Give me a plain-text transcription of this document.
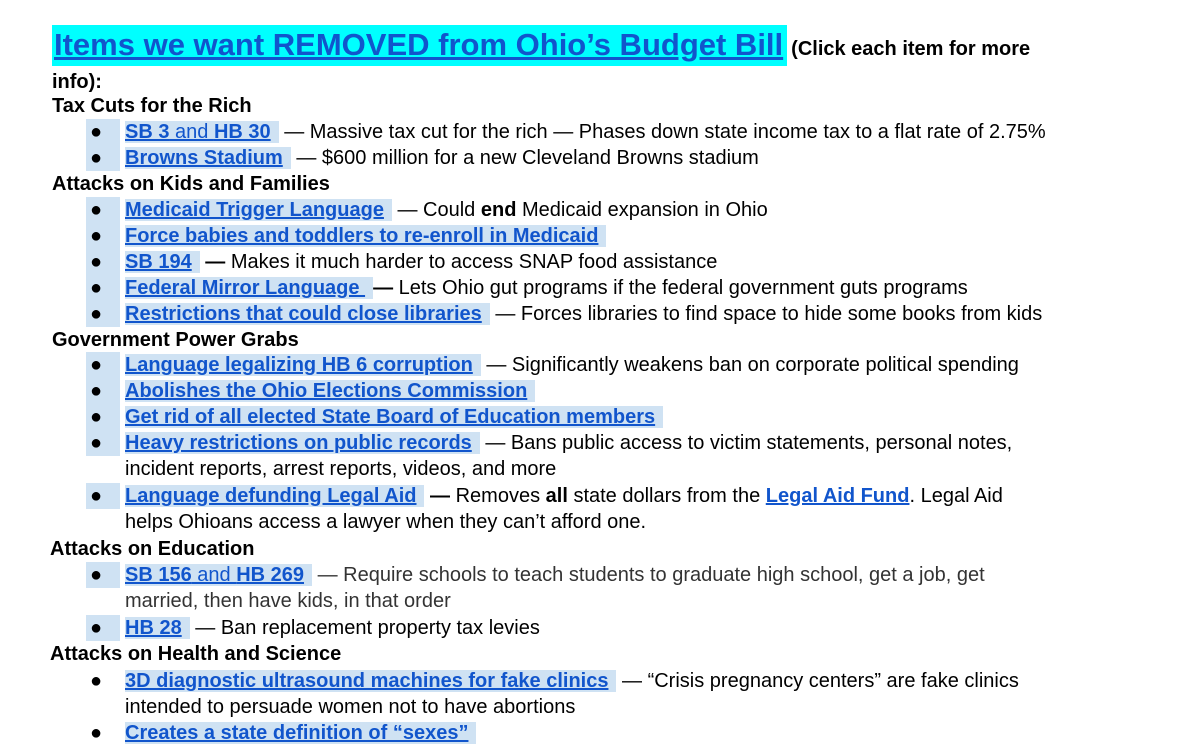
Items we want REMOVED from Ohio’s Budget Bill (Click each item for more
info):
Tax Cuts for the Rich
●	SB 3 and HB 30 — Massive tax cut for the rich — Phases down state income tax to a flat rate of 2.75%
●	Browns Stadium — $600 million for a new Cleveland Browns stadium
Attacks on Kids and Families
●	Medicaid Trigger Language — Could end Medicaid expansion in Ohio
●	Force babies and toddlers to re-enroll in Medicaid
●	SB 194 — Makes it much harder to access SNAP food assistance
●	Federal Mirror Language — Lets Ohio gut programs if the federal government guts programs
●	Restrictions that could close libraries — Forces libraries to find space to hide some books from kids
Government Power Grabs
●	Language legalizing HB 6 corruption — Significantly weakens ban on corporate political spending
●	Abolishes the Ohio Elections Commission
●	Get rid of all elected State Board of Education members
●	Heavy restrictions on public records — Bans public access to victim statements, personal notes,
incident reports, arrest reports, videos, and more
●	Language defunding Legal Aid — Removes all state dollars from the Legal Aid Fund. Legal Aid
helps Ohioans access a lawyer when they can’t afford one.
Attacks on Education
●	SB 156 and HB 269 — Require schools to teach students to graduate high school, get a job, get
married, then have kids, in that order
●	HB 28 — Ban replacement property tax levies
Attacks on Health and Science
●	3D diagnostic ultrasound machines for fake clinics — “Crisis pregnancy centers” are fake clinics
intended to persuade women not to have abortions
●	Creates a state definition of “sexes”
